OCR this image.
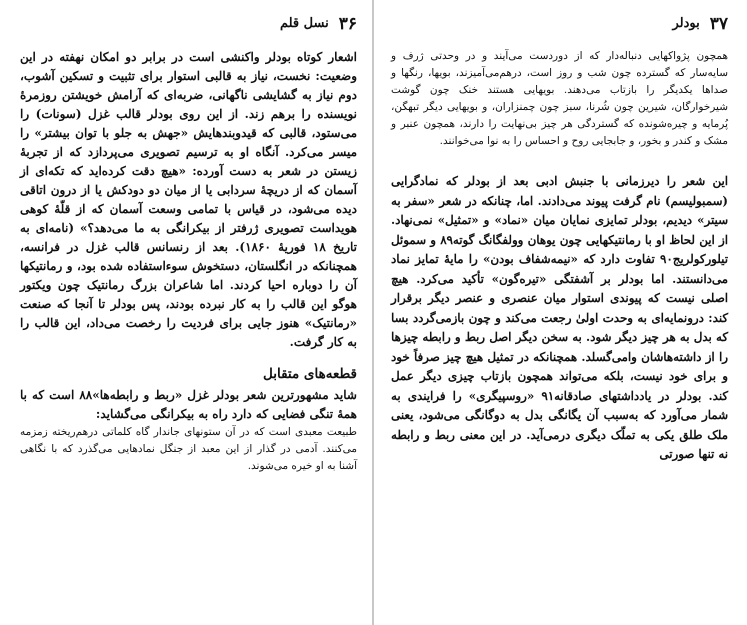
۳۶
نسل قلم

اشعار کوتاه بودلر واکنشی است در برابر دو امکان نهفته در این وضعیت: نخست، نیاز به قالبی استوار برای تثبیت و تسکین آشوب، دوم نیاز به گشایشی ناگهانی، ضربه‌ای که آرامش خویشتن روزمرهٔ نویسنده را برهم زند. از این روی بودلر قالب غزل (سونات) را می‌ستود، قالبی که قیدوبندهایش «جهش به جلو با توان بیشتر» را میسر می‌کرد. آنگاه او به ترسیم تصویری می‌پردازد که از تجربهٔ زیستن در شعر به دست آورده: «هیچ دقت کرده‌اید که تکه‌ای از آسمان که از دریچهٔ سردابی یا از میان دو دودکش یا از درون اتاقی دیده می‌شود، در قیاس با تمامی وسعت آسمان که از قلّهٔ کوهی هویداست تصویری ژرفتر از بیکرانگی به ما می‌دهد؟» (نامه‌ای به تاریخ ۱۸ فوریهٔ ۱۸۶۰). بعد از رنسانس قالب غزل در فرانسه، همچنانکه در انگلستان، دستخوش سوءاستفاده شده بود، و رمانتیکها آن را دوباره احیا کردند. اما شاعران بزرگ رمانتیک چون ویکتور هوگو این قالب را به کار نبرده بودند، پس بودلر تا آنجا که صنعت «رمانتیک» هنوز جایی برای فردیت را رخصت می‌داد، این قالب را به کار گرفت.

قطعه‌های متقابل

شاید مشهورترین شعر بودلر غزل «ربط و رابطه‌ها»۸۸ است که با همهٔ تنگی فضایی که دارد راه به بیکرانگی می‌گشاید:

طبیعت معبدی است که در آن ستونهای جاندار گاه کلماتی درهم‌ریخته زمزمه می‌کنند. آدمی در گذار از این معبد از جنگل نمادهایی می‌گذرد که با نگاهی آشنا به او خیره می‌شوند.

۳۷
بودلر

همچون پژواکهایی دنباله‌دار که از دوردست می‌آیند و در وحدتی ژرف و سایه‌سار که گسترده چون شب و روز است، درهم‌می‌آمیزند، بویها، رنگها و صداها یکدیگر را بازتاب می‌دهند. بویهایی هستند خنک چون گوشت شیرخوارگان، شیرین چون شُرنا، سبز چون چمنزاران، و بویهایی دیگر تبهگن، پُرمایه و چیره‌شونده که گستردگی هر چیز بی‌نهایت را دارند، همچون عنبر و مشک و کندر و بخور، و جابجایی روح و احساس را به نوا می‌خوانند.

این شعر را دیرزمانی با جنبش ادبی بعد از بودلر که نمادگرایی (سمبولیسم) نام گرفت پیوند می‌دادند. اما، چنانکه در شعر «سفر به سیتر» دیدیم، بودلر تمایزی نمایان میان «نماد» و «تمثیل» نمی‌نهاد. از این لحاظ او با رمانتیکهایی چون یوهان وولفگانگ گوته۸۹ و سموئل تیلورکولریج۹۰ تفاوت دارد که «نیمه‌شفاف بودن» را مایهٔ تمایز نماد می‌دانستند. اما بودلر بر آشفتگی «تیره‌گون» تأکید می‌کرد. هیچ اصلی نیست که پیوندی استوار میان عنصری و عنصر دیگر برقرار کند: درونمایه‌ای به وحدت اولیٰ رجعت می‌کند و چون بازمی‌گردد بسا که بدل به هر چیز دیگر شود. به سخن دیگر اصل ربط و رابطه چیزها را از داشته‌هاشان وامی‌گسلد. همچنانکه در تمثیل هیچ چیز صرفاً خود و برای خود نیست، بلکه می‌تواند همچون بازتاب چیزی دیگر عمل کند. بودلر در یادداشتهای صادقانه۹۱ «روسپیگری» را فرایندی به شمار می‌آورد که به‌سبب آن یگانگی بدل به دوگانگی می‌شود، یعنی ملک طلق یکی به تملّک دیگری درمی‌آید. در این معنی ربط و رابطه نه تنها صورتی
